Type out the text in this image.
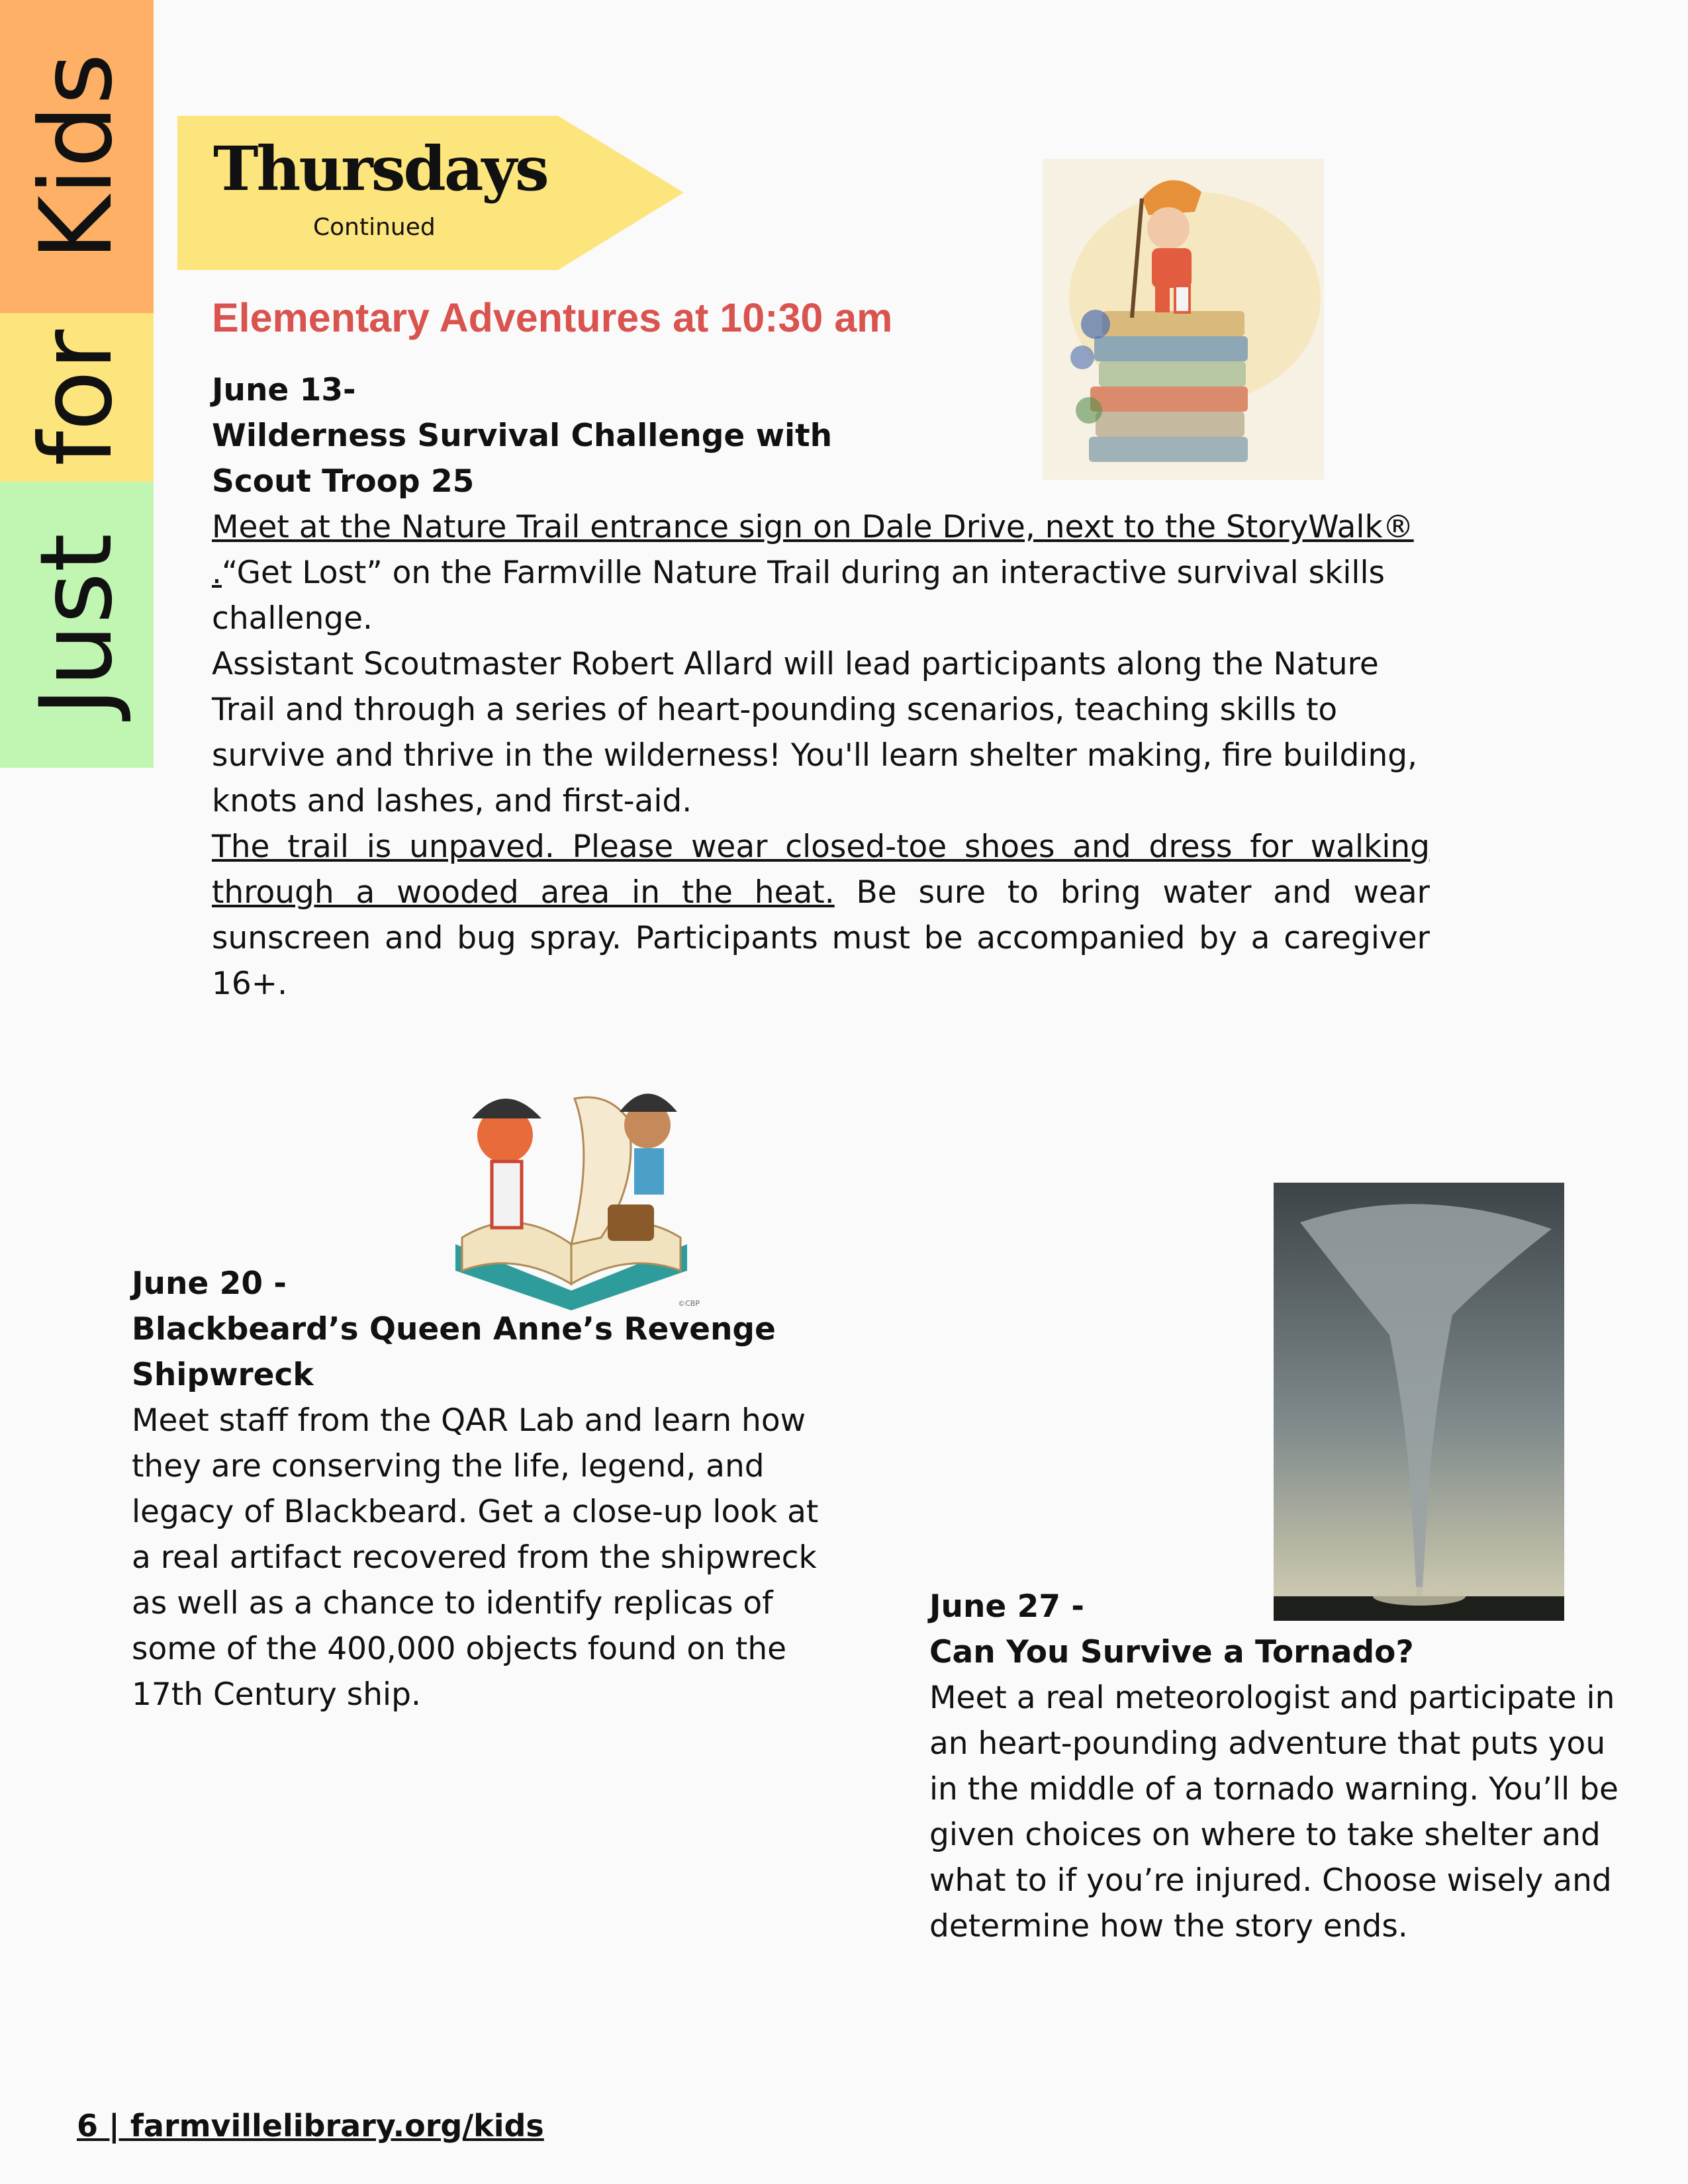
Kids
for
Just
Thursdays
Continued
Elementary Adventures at 10:30 am
June 13-
Wilderness Survival Challenge with Scout Troop 25

Meet at the Nature Trail entrance sign on Dale Drive, next to the StoryWalk® .“Get Lost” on the Farmville Nature Trail during an interactive survival skills challenge.

Assistant Scoutmaster Robert Allard will lead participants along the Nature Trail and through a series of heart-pounding scenarios, teaching skills to survive and thrive in the wilderness! You'll learn shelter making, fire building, knots and lashes, and first-aid.

The trail is unpaved. Please wear closed-toe shoes and dress for walking through a wooded area in the heat. Be sure to bring water and wear sunscreen and bug spray. Participants must be accompanied by a caregiver 16+.

©CBP
June 20 -
Blackbeard’s Queen Anne’s Revenge Shipwreck

Meet staff from the QAR Lab and learn how they are conserving the life, legend, and legacy of Blackbeard. Get a close-up look at a real artifact recovered from the shipwreck as well as a chance to identify replicas of some of the 400,000 objects found on the 17th Century ship.

June 27 -
Can You Survive a Tornado?

Meet a real meteorologist and participate in an heart-pounding adventure that puts you in the middle of a tornado warning. You’ll be given choices on where to take shelter and what to if you’re injured. Choose wisely and determine how the story ends.

6 | farmvillelibrary.org/kids
